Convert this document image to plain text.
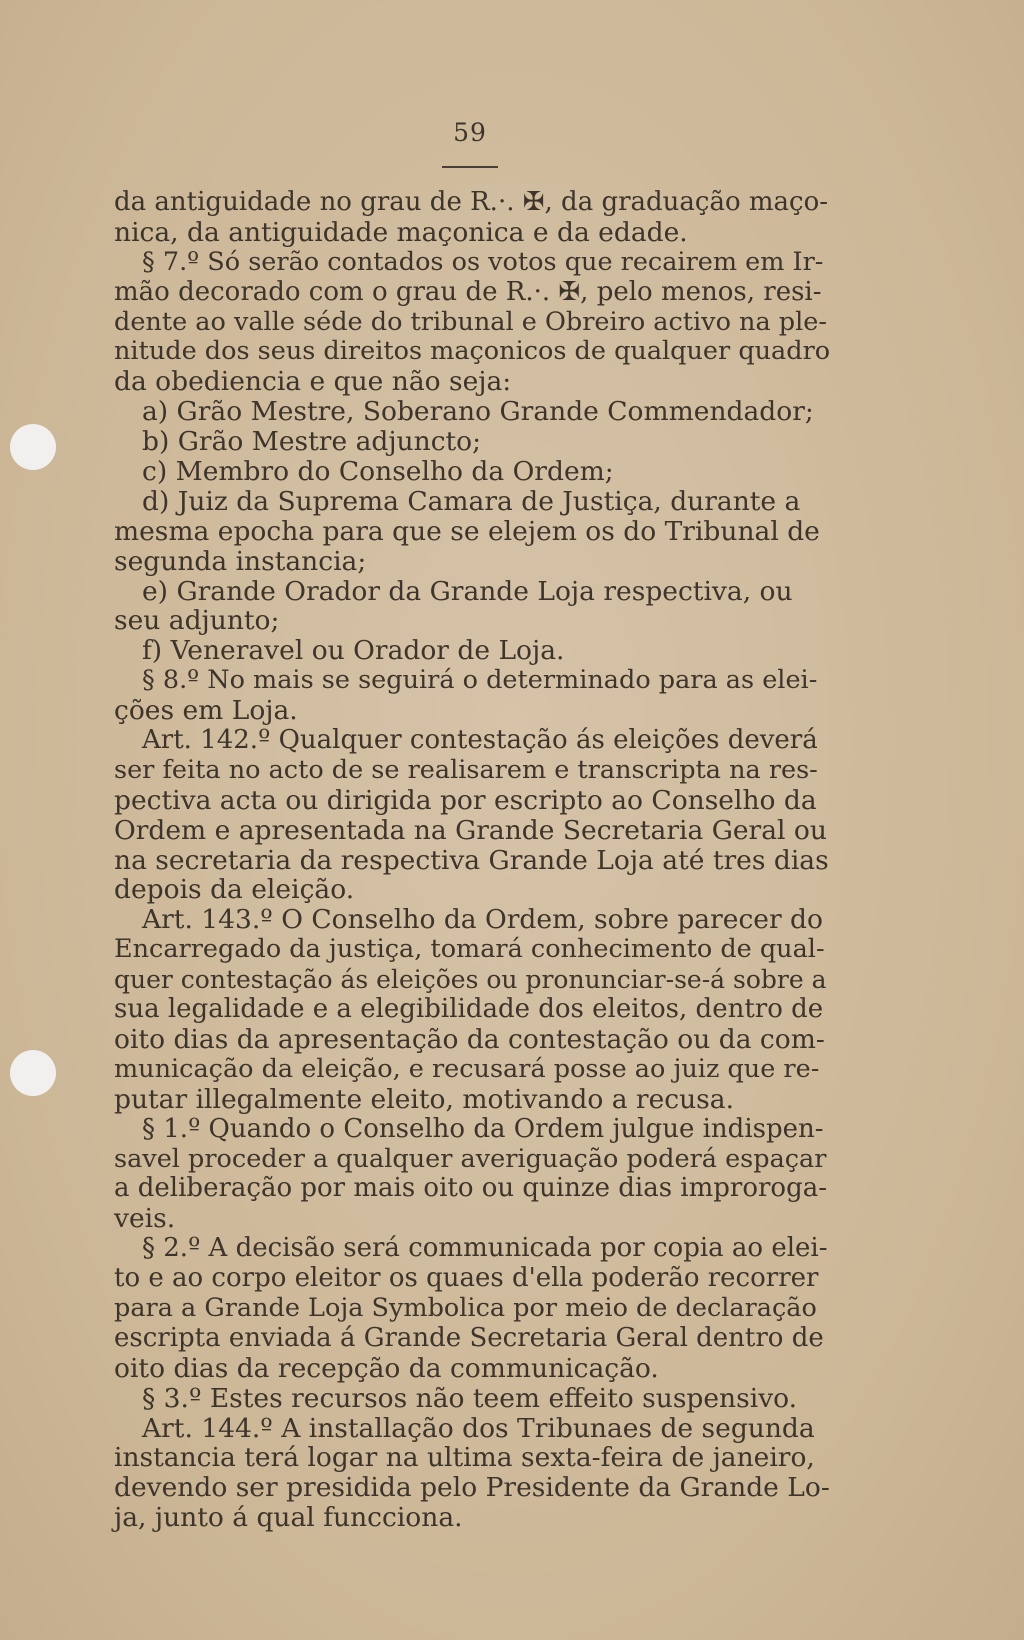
59
da antiguidade no grau de R.·. ✠, da graduação maço-
nica, da antiguidade maçonica e da edade.
§ 7.º Só serão contados os votos que recairem em Ir-
mão decorado com o grau de R.·. ✠, pelo menos, resi-
dente ao valle séde do tribunal e Obreiro activo na ple-
nitude dos seus direitos maçonicos de qualquer quadro
da obediencia e que não seja:
a) Grão Mestre, Soberano Grande Commendador;
b) Grão Mestre adjuncto;
c) Membro do Conselho da Ordem;
d) Juiz da Suprema Camara de Justiça, durante a
mesma epocha para que se elejem os do Tribunal de
segunda instancia;
e) Grande Orador da Grande Loja respectiva, ou
seu adjunto;
f) Veneravel ou Orador de Loja.
§ 8.º No mais se seguirá o determinado para as elei-
ções em Loja.
Art. 142.º Qualquer contestação ás eleições deverá
ser feita no acto de se realisarem e transcripta na res-
pectiva acta ou dirigida por escripto ao Conselho da
Ordem e apresentada na Grande Secretaria Geral ou
na secretaria da respectiva Grande Loja até tres dias
depois da eleição.
Art. 143.º O Conselho da Ordem, sobre parecer do
Encarregado da justiça, tomará conhecimento de qual-
quer contestação ás eleições ou pronunciar-se-á sobre a
sua legalidade e a elegibilidade dos eleitos, dentro de
oito dias da apresentação da contestação ou da com-
municação da eleição, e recusará posse ao juiz que re-
putar illegalmente eleito, motivando a recusa.
§ 1.º Quando o Conselho da Ordem julgue indispen-
savel proceder a qualquer averiguação poderá espaçar
a deliberação por mais oito ou quinze dias improroga-
veis.
§ 2.º A decisão será communicada por copia ao elei-
to e ao corpo eleitor os quaes d'ella poderão recorrer
para a Grande Loja Symbolica por meio de declaração
escripta enviada á Grande Secretaria Geral dentro de
oito dias da recepção da communicação.
§ 3.º Estes recursos não teem effeito suspensivo.
Art. 144.º A installação dos Tribunaes de segunda
instancia terá logar na ultima sexta-feira de janeiro,
devendo ser presidida pelo Presidente da Grande Lo-
ja, junto á qual funcciona.
